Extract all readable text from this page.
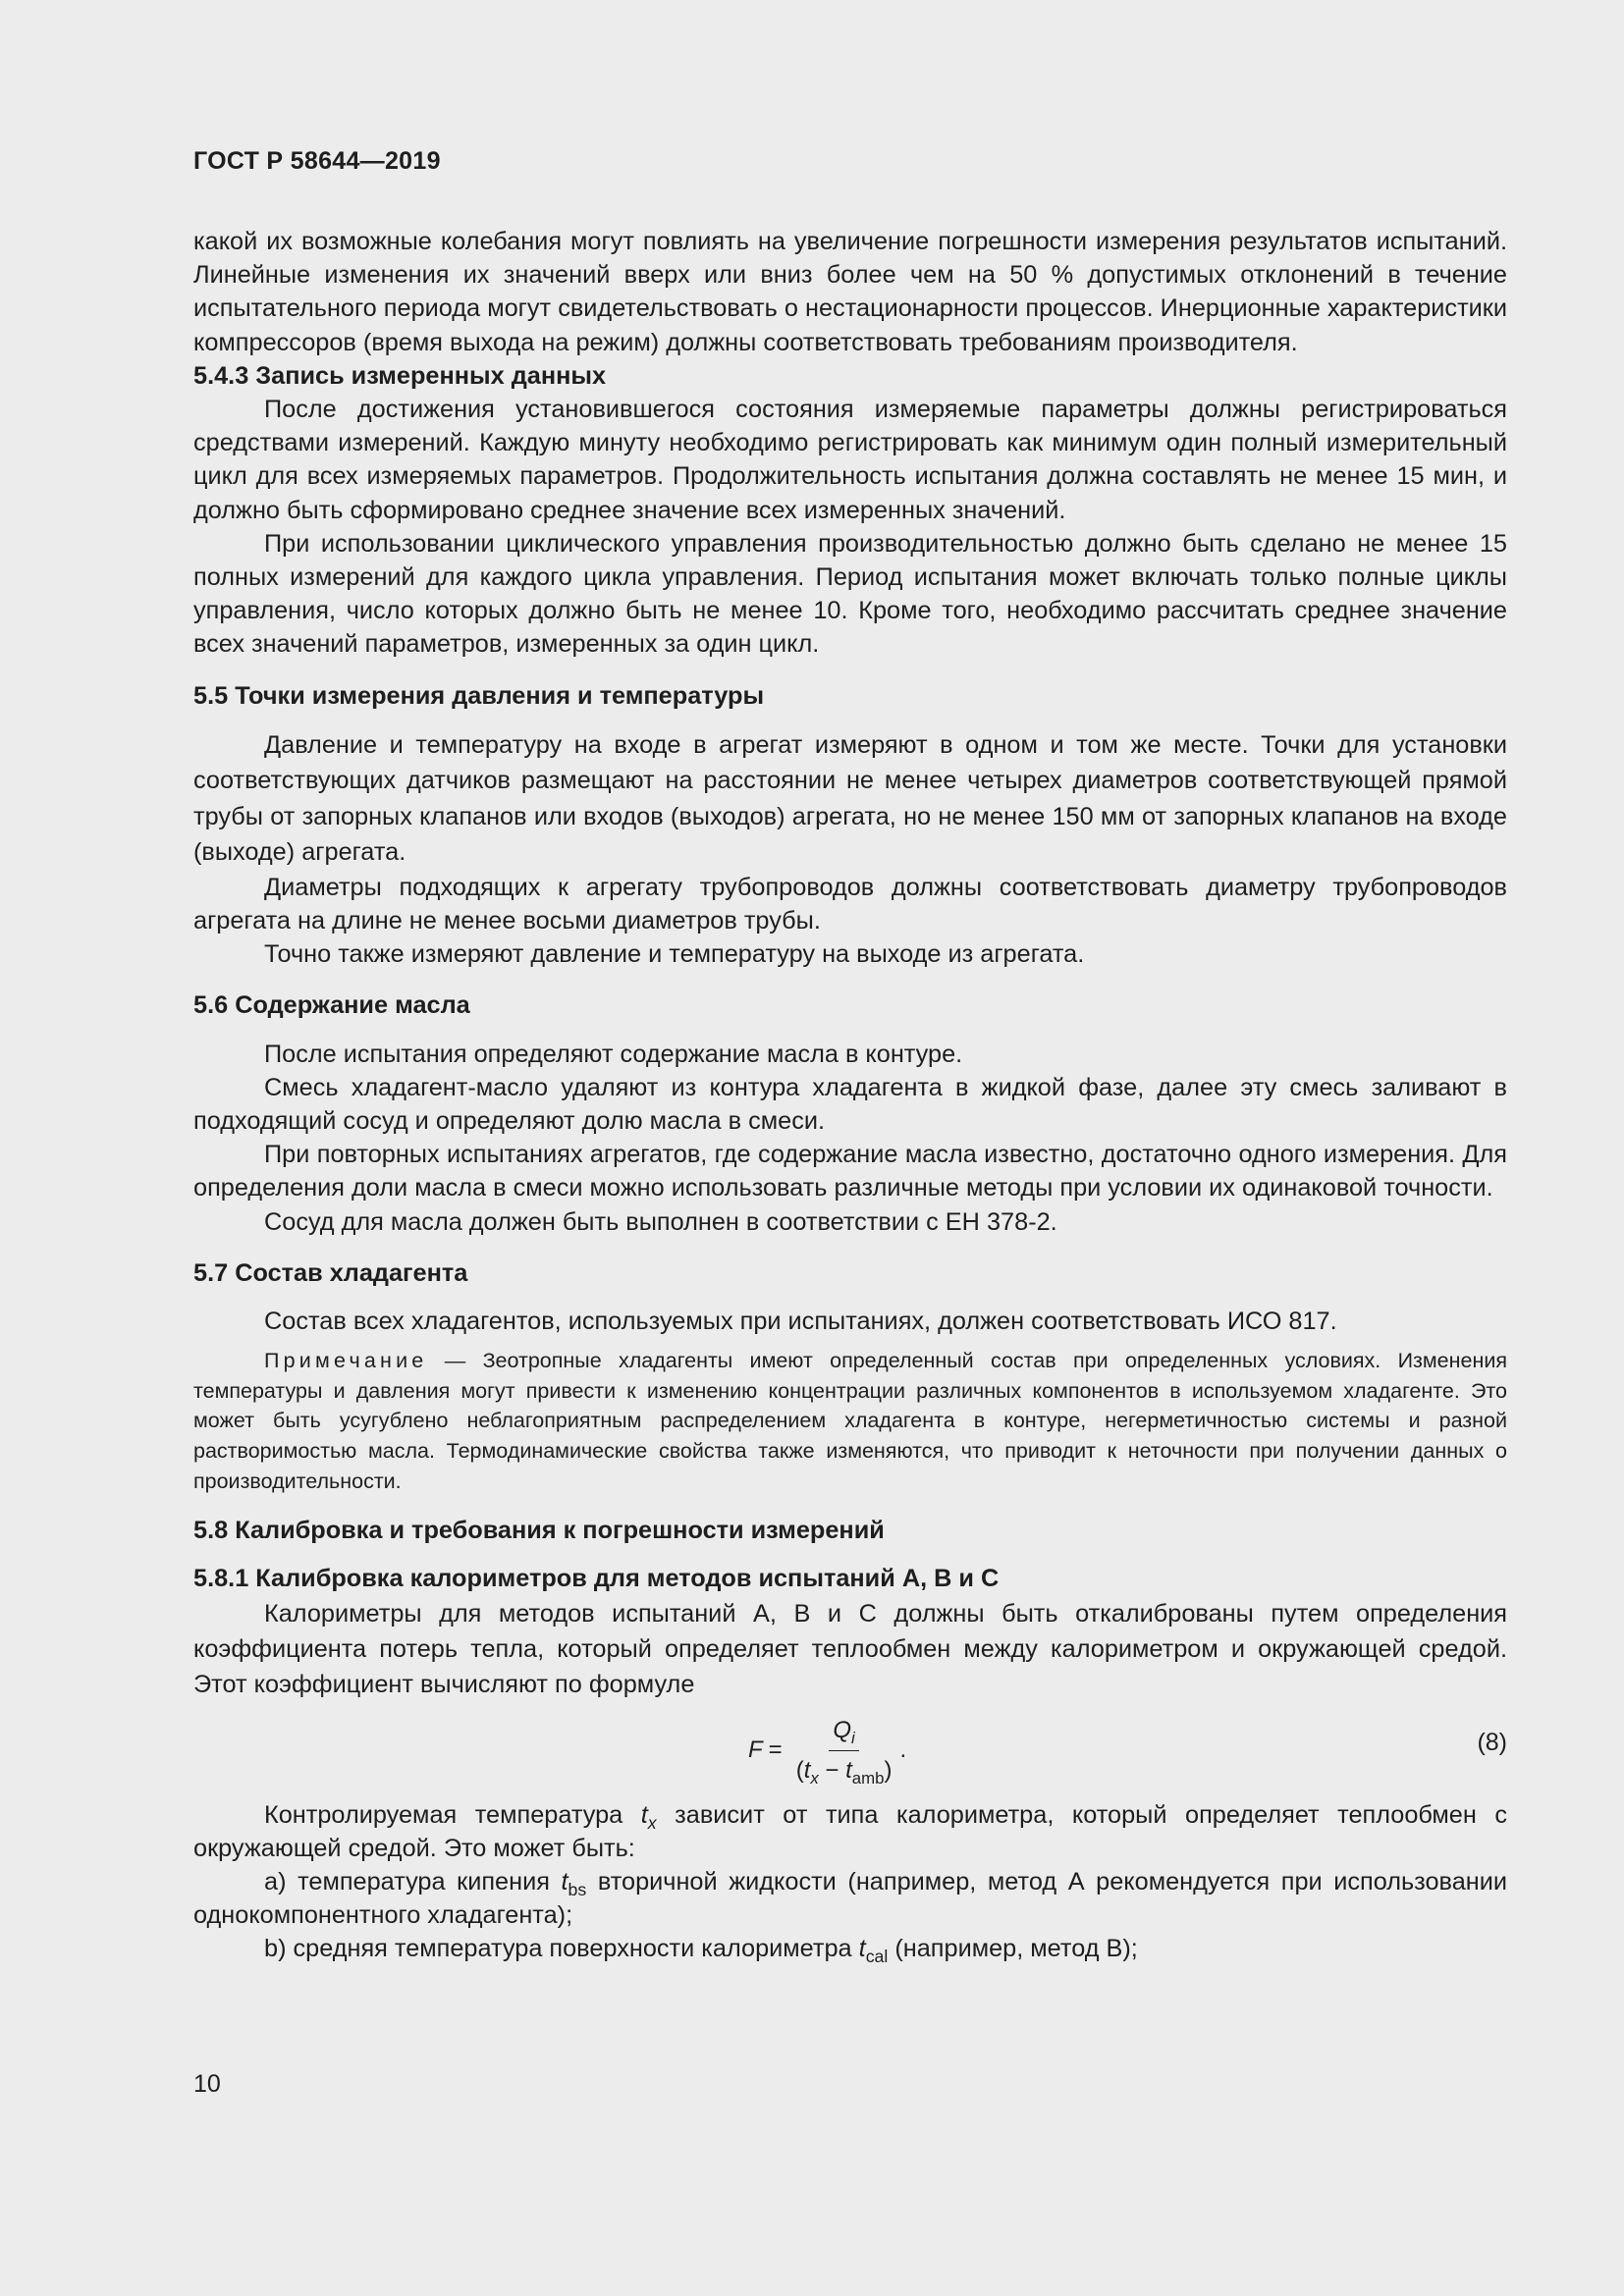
ГОСТ Р 58644—2019

какой их возможные колебания могут повлиять на увеличение погрешности измерения результатов испытаний. Линейные изменения их значений вверх или вниз более чем на 50 % допустимых отклонений в течение испытательного периода могут свидетельствовать о нестационарности процессов. Инерционные характеристики компрессоров (время выхода на режим) должны соответствовать требованиям производителя.

5.4.3 Запись измеренных данных

После достижения установившегося состояния измеряемые параметры должны регистрироваться средствами измерений. Каждую минуту необходимо регистрировать как минимум один полный измерительный цикл для всех измеряемых параметров. Продолжительность испытания должна составлять не менее 15 мин, и должно быть сформировано среднее значение всех измеренных значений.

При использовании циклического управления производительностью должно быть сделано не менее 15 полных измерений для каждого цикла управления. Период испытания может включать только полные циклы управления, число которых должно быть не менее 10. Кроме того, необходимо рассчитать среднее значение всех значений параметров, измеренных за один цикл.

5.5 Точки измерения давления и температуры

Давление и температуру на входе в агрегат измеряют в одном и том же месте. Точки для установки соответствующих датчиков размещают на расстоянии не менее четырех диаметров соответствующей прямой трубы от запорных клапанов или входов (выходов) агрегата, но не менее 150 мм от запорных клапанов на входе (выходе) агрегата.

Диаметры подходящих к агрегату трубопроводов должны соответствовать диаметру трубопроводов агрегата на длине не менее восьми диаметров трубы.

Точно также измеряют давление и температуру на выходе из агрегата.

5.6 Содержание масла

После испытания определяют содержание масла в контуре.

Смесь хладагент-масло удаляют из контура хладагента в жидкой фазе, далее эту смесь заливают в подходящий сосуд и определяют долю масла в смеси.

При повторных испытаниях агрегатов, где содержание масла известно, достаточно одного измерения. Для определения доли масла в смеси можно использовать различные методы при условии их одинаковой точности.

Сосуд для масла должен быть выполнен в соответствии с ЕН 378-2.

5.7 Состав хладагента

Состав всех хладагентов, используемых при испытаниях, должен соответствовать ИСО 817.

Примечание — Зеотропные хладагенты имеют определенный состав при определенных условиях. Изменения температуры и давления могут привести к изменению концентрации различных компонентов в используемом хладагенте. Это может быть усугублено неблагоприятным распределением хладагента в контуре, негерметичностью системы и разной растворимостью масла. Термодинамические свойства также изменяются, что приводит к неточности при получении данных о производительности.

5.8 Калибровка и требования к погрешности измерений

5.8.1 Калибровка калориметров для методов испытаний А, В и С

Калориметры для методов испытаний А, В и С должны быть откалиброваны путем определения коэффициента потерь тепла, который определяет теплообмен между калориметром и окружающей средой. Этот коэффициент вычисляют по формуле

$F = \frac{Q_i}{(t_x - t_{amb})}$ .	(8)

Контролируемая температура $t_x$ зависит от типа калориметра, который определяет теплообмен с окружающей средой. Это может быть:

a) температура кипения $t_{bs}$ вторичной жидкости (например, метод А рекомендуется при использовании однокомпонентного хладагента);

b) средняя температура поверхности калориметра $t_{cal}$ (например, метод В);

10
